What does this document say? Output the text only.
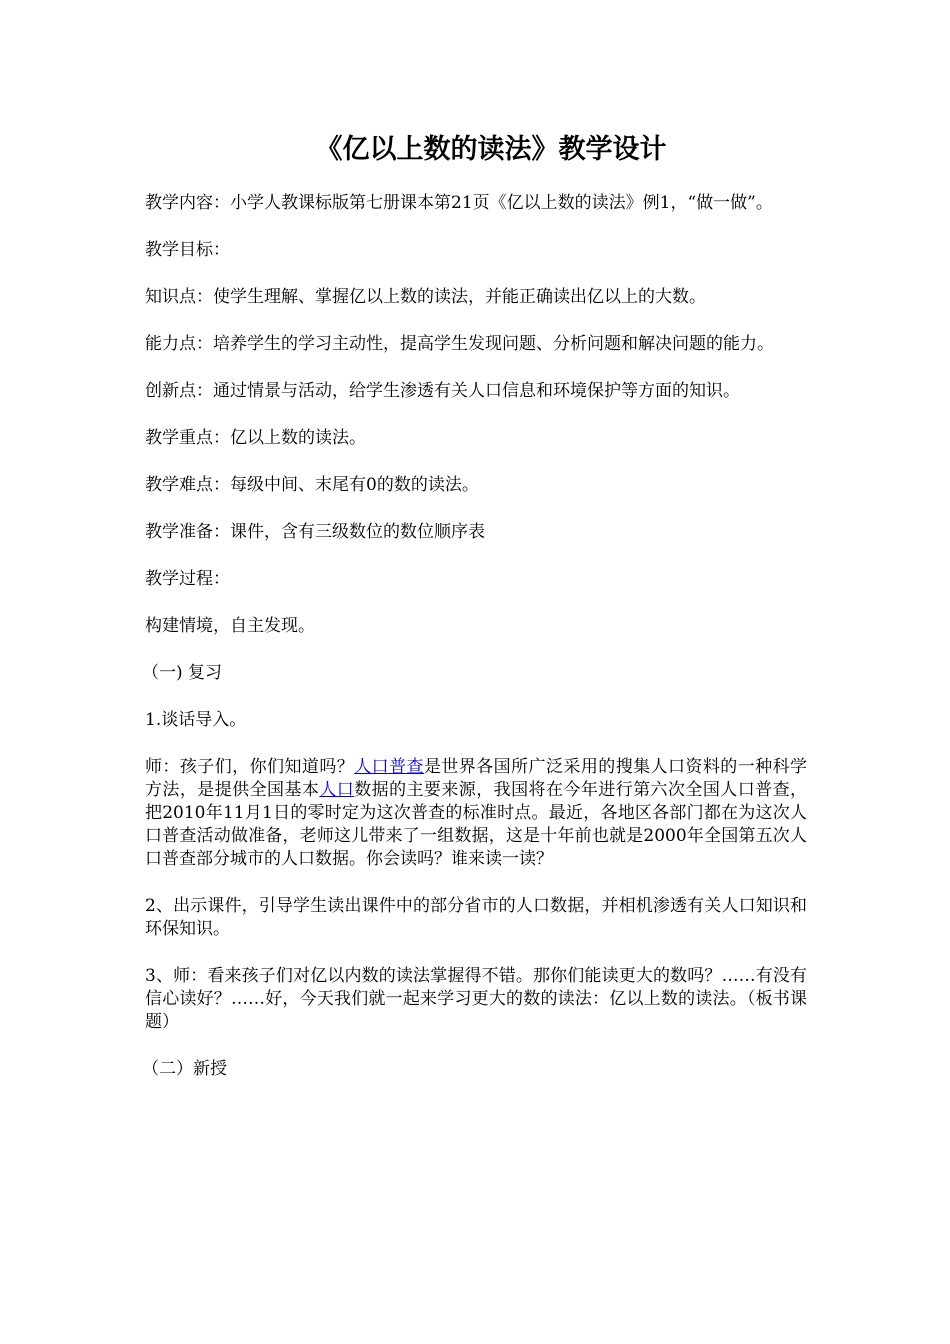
《亿以上数的读法》教学设计

教学内容：小学人教课标版第七册课本第21页《亿以上数的读法》例1，“做一做”。

教学目标：

知识点：使学生理解、掌握亿以上数的读法，并能正确读出亿以上的大数。

能力点：培养学生的学习主动性，提高学生发现问题、分析问题和解决问题的能力。

创新点：通过情景与活动，给学生渗透有关人口信息和环境保护等方面的知识。

教学重点：亿以上数的读法。

教学难点：每级中间、末尾有0的数的读法。

教学准备：课件，含有三级数位的数位顺序表

教学过程：

构建情境，自主发现。

（一) 复习

1.谈话导入。

师：孩子们，你们知道吗？人口普查是世界各国所广泛采用的搜集人口资料的一种科学方法，是提供全国基本人口数据的主要来源，我国将在今年进行第六次全国人口普查，把2010年11月1日的零时定为这次普查的标准时点。最近，各地区各部门都在为这次人口普查活动做准备，老师这儿带来了一组数据，这是十年前也就是2000年全国第五次人口普查部分城市的人口数据。你会读吗？谁来读一读？

2、出示课件，引导学生读出课件中的部分省市的人口数据，并相机渗透有关人口知识和环保知识。

3、师：看来孩子们对亿以内数的读法掌握得不错。那你们能读更大的数吗？……有没有信心读好？……好，今天我们就一起来学习更大的数的读法：亿以上数的读法。（板书课题）

（二）新授
